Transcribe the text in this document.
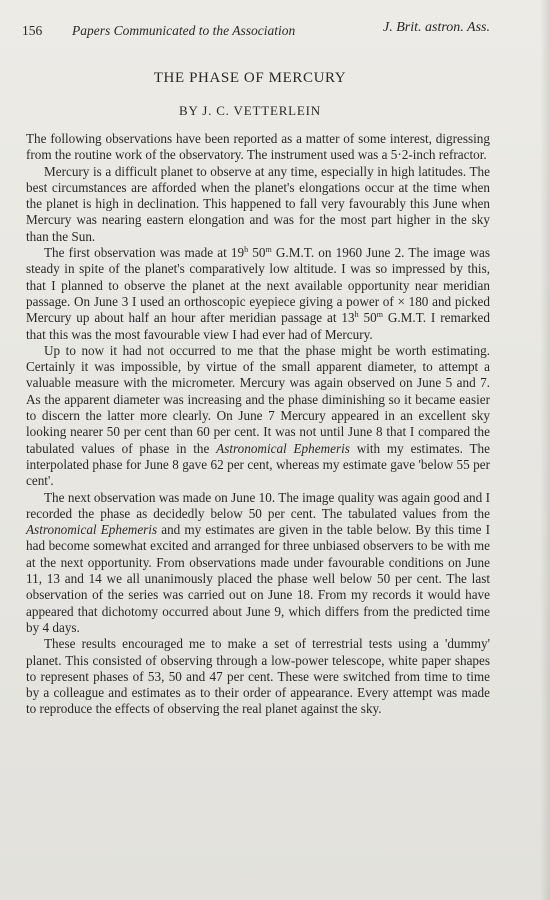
156 Papers Communicated to the Association	J. Brit. astron. Ass.
THE PHASE OF MERCURY
BY J. C. VETTERLEIN

The following observations have been reported as a matter of some interest, digressing from the routine work of the observatory. The instrument used was a 5·2-inch refractor.

Mercury is a difficult planet to observe at any time, especially in high latitudes. The best circumstances are afforded when the planet's elongations occur at the time when the planet is high in declination. This happened to fall very favourably this June when Mercury was nearing eastern elongation and was for the most part higher in the sky than the Sun.

The first observation was made at 19$^h$ 50$^m$ G.M.T. on 1960 June 2. The image was steady in spite of the planet's comparatively low altitude. I was so impressed by this, that I planned to observe the planet at the next available opportunity near meridian passage. On June 3 I used an orthoscopic eyepiece giving a power of × 180 and picked Mercury up about half an hour after meridian passage at 13$^h$ 50$^m$ G.M.T. I remarked that this was the most favourable view I had ever had of Mercury.

Up to now it had not occurred to me that the phase might be worth estimating. Certainly it was impossible, by virtue of the small apparent diameter, to attempt a valuable measure with the micrometer. Mercury was again observed on June 5 and 7. As the apparent diameter was increasing and the phase diminishing so it became easier to discern the latter more clearly. On June 7 Mercury appeared in an excellent sky looking nearer 50 per cent than 60 per cent. It was not until June 8 that I compared the tabulated values of phase in the Astronomical Ephemeris with my estimates. The interpolated phase for June 8 gave 62 per cent, whereas my estimate gave 'below 55 per cent'.

The next observation was made on June 10. The image quality was again good and I recorded the phase as decidedly below 50 per cent. The tabulated values from the Astronomical Ephemeris and my estimates are given in the table below. By this time I had become somewhat excited and arranged for three unbiased observers to be with me at the next opportunity. From observations made under favourable conditions on June 11, 13 and 14 we all unanimously placed the phase well below 50 per cent. The last observation of the series was carried out on June 18. From my records it would have appeared that dichotomy occurred about June 9, which differs from the predicted time by 4 days.

These results encouraged me to make a set of terrestrial tests using a 'dummy' planet. This consisted of observing through a low-power telescope, white paper shapes to represent phases of 53, 50 and 47 per cent. These were switched from time to time by a colleague and estimates as to their order of appearance. Every attempt was made to reproduce the effects of observing the real planet against the sky.
